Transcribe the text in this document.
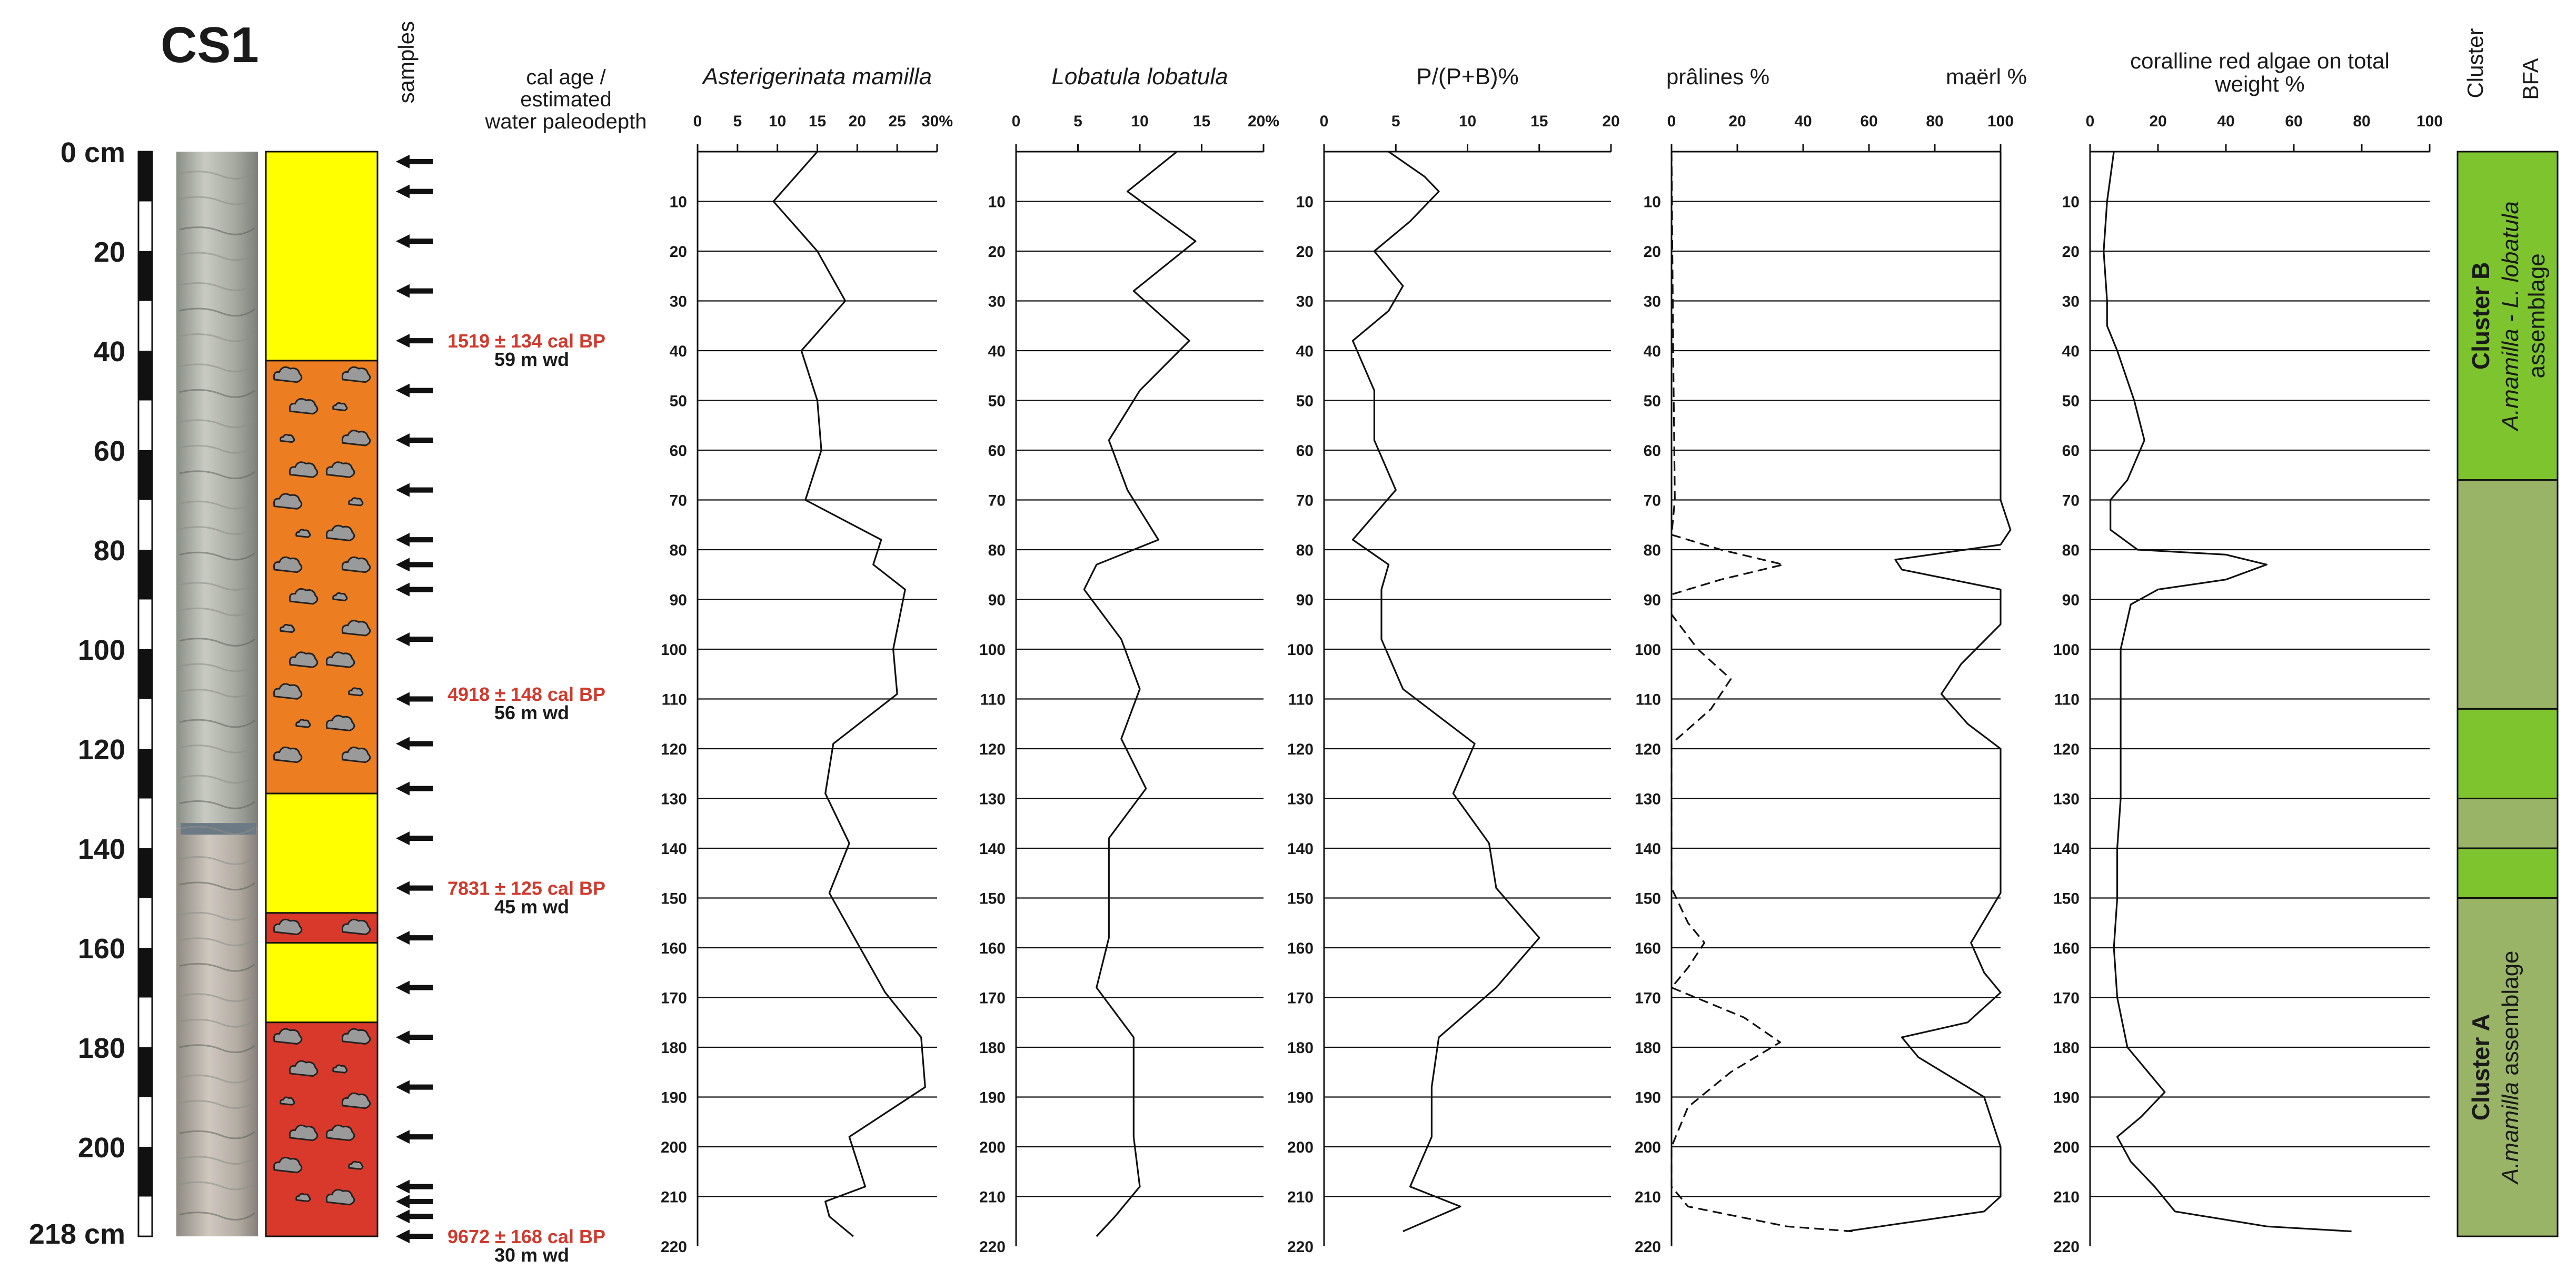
CS1
0 cm
20
40
60
80
100
120
140
160
180
200
218 cm
samples	cal age /
estimated
water paleodepth
1519 ± 134 cal BP
59 m wd
4918 ± 148 cal BP
56 m wd
7831 ± 125 cal BP
45 m wd
9672 ± 168 cal BP
30 m wd
Asterigerinata mamilla
0 5 10 15 20 25 30%
10
20
30
40
50
60
70
80
90
100
110
120
130
140
150
160
170
180
190
200
210
220
Lobatula lobatula
0	5	10	15 20%
10
20
30
40
50
60
70
80
90
100
110
120
130
140
150
160
170
180
190
200
210
220
P/(P+B)%
0	5	10	15	20
10
20
30
40
50
60
70
80
90
100
110
120
130
140
150
160
170
180
190
200
210
220
prâlines %	maërl %
0	20	40	60	80	100
10
20
30
40
50
60
70
80
90
100
110
120
130
140
150
160
170
180
190
200
210
220
coralline red algae on total
weight %
0	20	40	60	80	100
10
20
30
40
50
60
70
80
90
100
110
120
130
140
150
160
170
180
190
200
210
220
Cluster BFA
Cluster B A.mamilla - L. lobatula assemblage
Cluster A
A.mamilla assemblage
